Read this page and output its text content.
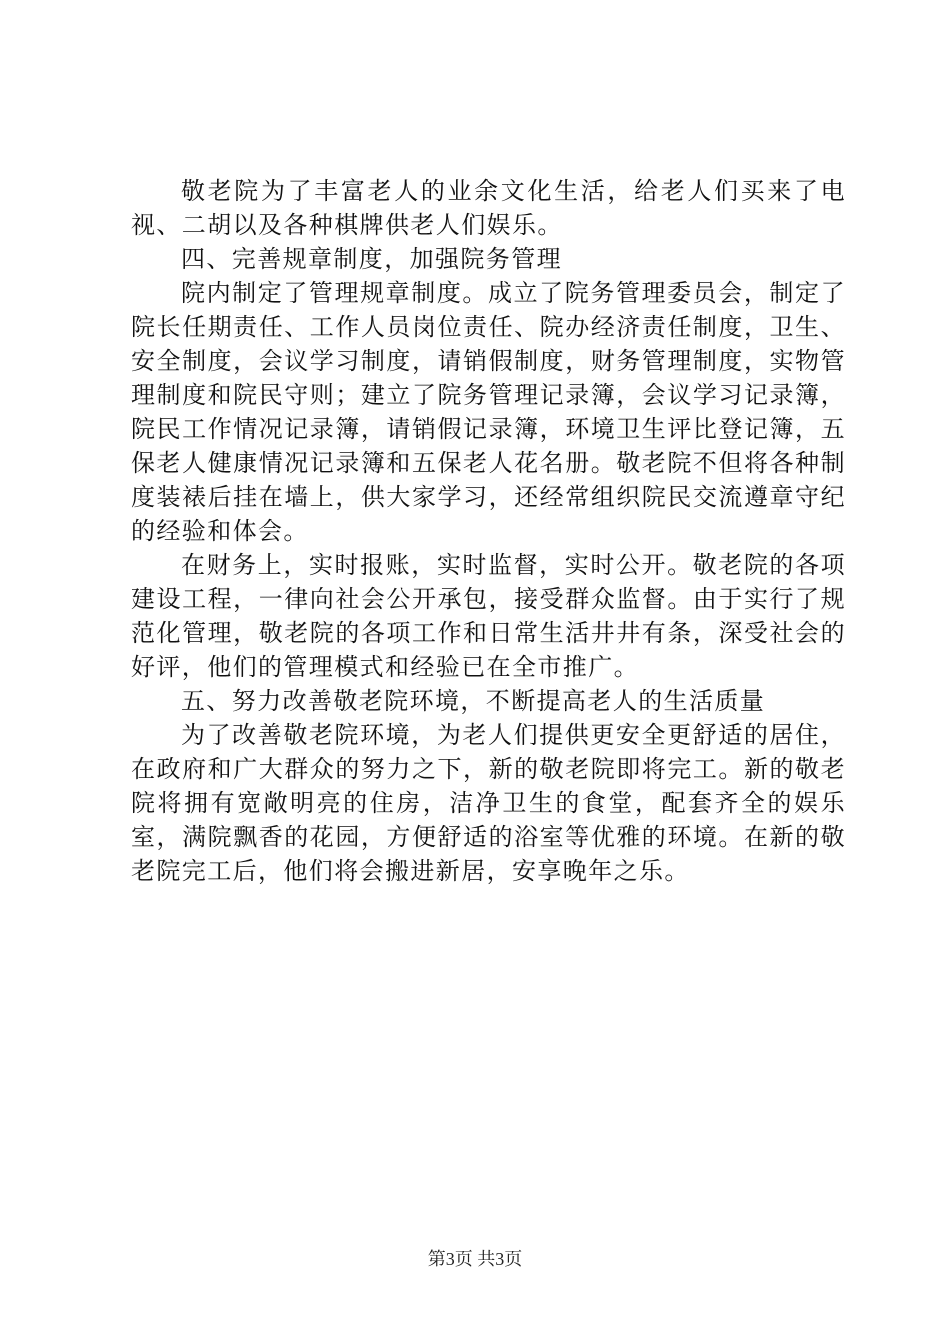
敬老院为了丰富老人的业余文化生活，给老人们买来了电视、二胡以及各种棋牌供老人们娱乐。

四、完善规章制度，加强院务管理

院内制定了管理规章制度。成立了院务管理委员会，制定了院长任期责任、工作人员岗位责任、院办经济责任制度，卫生、安全制度，会议学习制度，请销假制度，财务管理制度，实物管理制度和院民守则；建立了院务管理记录簿，会议学习记录簿，院民工作情况记录簿，请销假记录簿，环境卫生评比登记簿，五保老人健康情况记录簿和五保老人花名册。敬老院不但将各种制度装裱后挂在墙上，供大家学习，还经常组织院民交流遵章守纪的经验和体会。

在财务上，实时报账，实时监督，实时公开。敬老院的各项建设工程，一律向社会公开承包，接受群众监督。由于实行了规范化管理，敬老院的各项工作和日常生活井井有条，深受社会的好评，他们的管理模式和经验已在全市推广。

五、努力改善敬老院环境，不断提高老人的生活质量

为了改善敬老院环境，为老人们提供更安全更舒适的居住，在政府和广大群众的努力之下，新的敬老院即将完工。新的敬老院将拥有宽敞明亮的住房，洁净卫生的食堂，配套齐全的娱乐室，满院飘香的花园，方便舒适的浴室等优雅的环境。在新的敬老院完工后，他们将会搬进新居，安享晚年之乐。

第3页 共3页
